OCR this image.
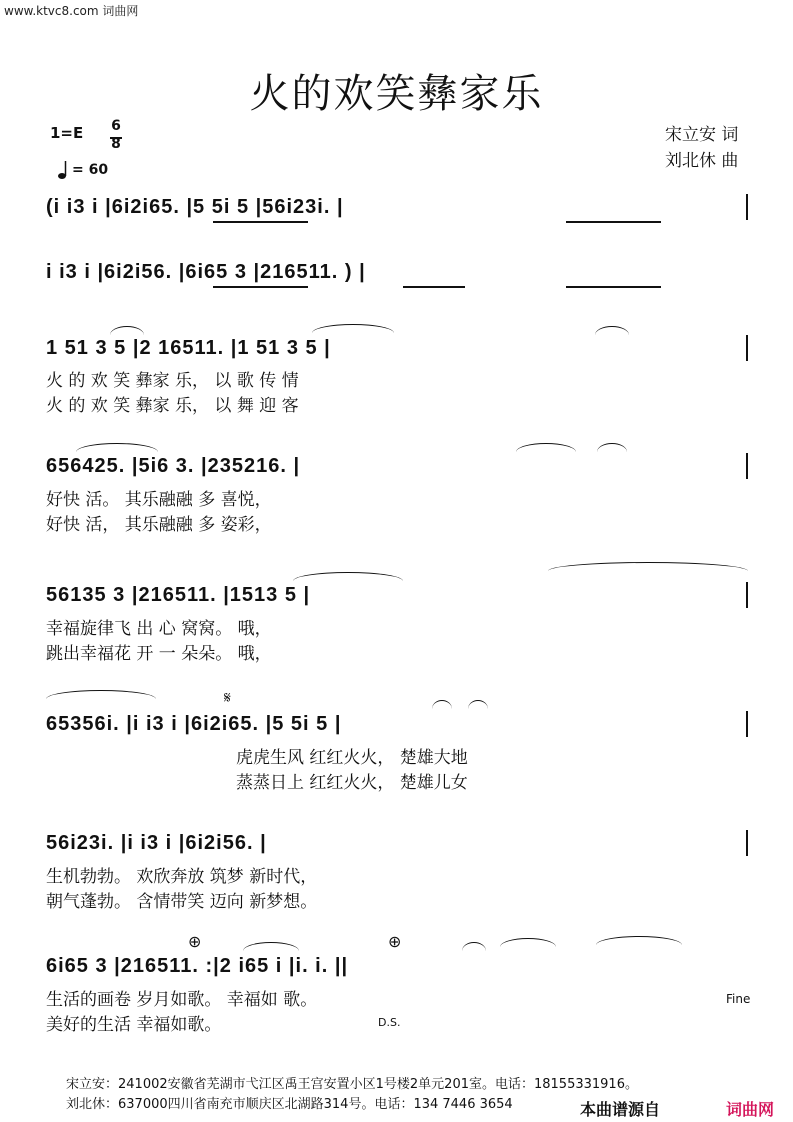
www.ktvc8.com 词曲网
火的欢笑彝家乐
1=E 6
8
= 60
宋立安 词
刘北休 曲
(i i3 i |6i2i65. |5 5i 5 |56i23i. |
i i3 i |6i2i56. |6i65 3 |216511. ) |
1 51 3 5 |2 16511. |1 51 3 5 |
火 的 欢 笑 彝家 乐， 以 歌 传 情
火 的 欢 笑 彝家 乐， 以 舞 迎 客
656425. |5i6 3. |235216. |
好快 活。 其乐融融 多 喜悦，
好快 活， 其乐融融 多 姿彩，
56135 3 |216511. |1513 5 |
幸福旋律飞 出 心 窝窝。 哦，
跳出幸福花 开 一 朵朵。 哦，
𝄋
65356i. |i i3 i |6i2i65. |5 5i 5 |
虎虎生风 红红火火， 楚雄大地
蒸蒸日上 红红火火， 楚雄儿女
56i23i. |i i3 i |6i2i56. |
生机勃勃。 欢欣奔放 筑梦 新时代，
朝气蓬勃。 含情带笑 迈向 新梦想。
⊕	⊕
6i65 3 |216511. :|2 i65 i |i. i. ||
生活的画卷 岁月如歌。 幸福如 歌。
美好的生活 幸福如歌。
Fine
D.S.
宋立安：241002安徽省芜湖市弋江区禹王宫安置小区1号楼2单元201室。电话：18155331916。
刘北休：637000四川省南充市顺庆区北湖路314号。电话：134 7446 3654	本曲谱源自	词曲网
